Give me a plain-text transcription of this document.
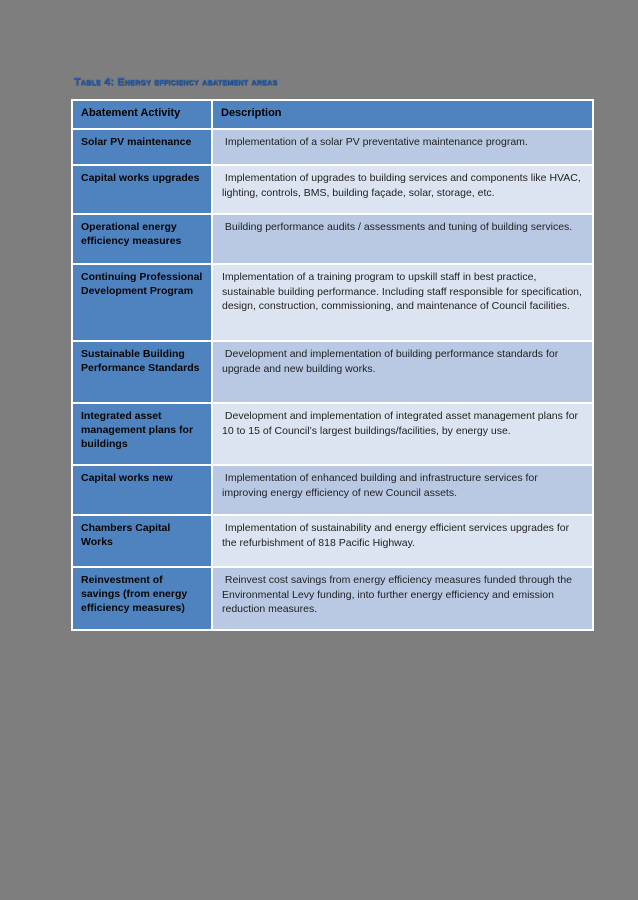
Table 4: Energy efficiency abatement areas
Abatement Activity	Description
Solar PV maintenance	Implementation of a solar PV preventative maintenance program.
Capital works upgrades	Implementation of upgrades to building services and components like HVAC, lighting, controls, BMS, building façade, solar, storage, etc.
Operational energy efficiency measures	Building performance audits / assessments and tuning of building services.
Continuing Professional Development Program	Implementation of a training program to upskill staff in best practice, sustainable building performance. Including staff responsible for specification, design, construction, commissioning, and maintenance of Council facilities.
Sustainable Building Performance Standards	Development and implementation of building performance standards for upgrade and new building works.
Integrated asset management plans for buildings	Development and implementation of integrated asset management plans for 10 to 15 of Council’s largest buildings/facilities, by energy use.
Capital works new	Implementation of enhanced building and infrastructure services for improving energy efficiency of new Council assets.
Chambers Capital Works	Implementation of sustainability and energy efficient services upgrades for the refurbishment of 818 Pacific Highway.
Reinvestment of savings (from energy efficiency measures)	Reinvest cost savings from energy efficiency measures funded through the Environmental Levy funding, into further energy efficiency and emission reduction measures.
